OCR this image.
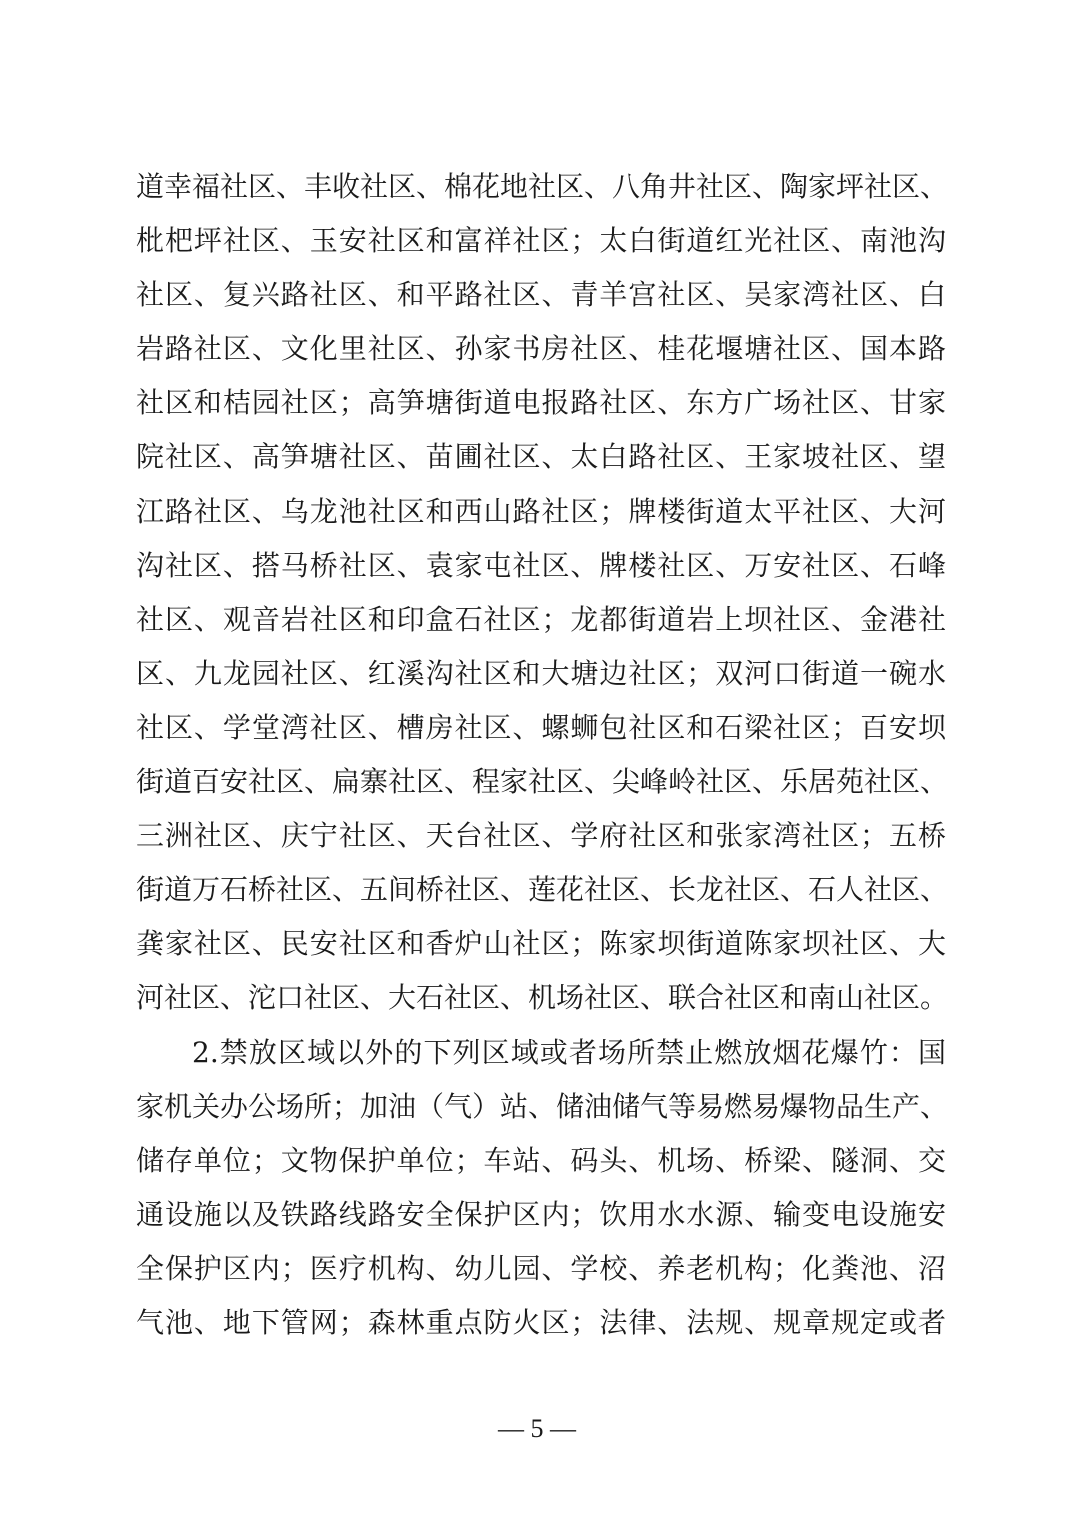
道幸福社区、丰收社区、棉花地社区、八角井社区、陶家坪社区、
枇杷坪社区、玉安社区和富祥社区；太白街道红光社区、南池沟
社区、复兴路社区、和平路社区、青羊宫社区、吴家湾社区、白
岩路社区、文化里社区、孙家书房社区、桂花堰塘社区、国本路
社区和桔园社区；高笋塘街道电报路社区、东方广场社区、甘家
院社区、高笋塘社区、苗圃社区、太白路社区、王家坡社区、望
江路社区、乌龙池社区和西山路社区；牌楼街道太平社区、大河
沟社区、搭马桥社区、袁家屯社区、牌楼社区、万安社区、石峰
社区、观音岩社区和印盒石社区；龙都街道岩上坝社区、金港社
区、九龙园社区、红溪沟社区和大塘边社区；双河口街道一碗水
社区、学堂湾社区、槽房社区、螺蛳包社区和石梁社区；百安坝
街道百安社区、扁寨社区、程家社区、尖峰岭社区、乐居苑社区、
三洲社区、庆宁社区、天台社区、学府社区和张家湾社区；五桥
街道万石桥社区、五间桥社区、莲花社区、长龙社区、石人社区、
龚家社区、民安社区和香炉山社区；陈家坝街道陈家坝社区、大
河社区、沱口社区、大石社区、机场社区、联合社区和南山社区。
2.禁放区域以外的下列区域或者场所禁止燃放烟花爆竹：国
家机关办公场所；加油（气）站、储油储气等易燃易爆物品生产、
储存单位；文物保护单位；车站、码头、机场、桥梁、隧洞、交
通设施以及铁路线路安全保护区内；饮用水水源、输变电设施安
全保护区内；医疗机构、幼儿园、学校、养老机构；化粪池、沼
气池、地下管网；森林重点防火区；法律、法规、规章规定或者
— 5 —
